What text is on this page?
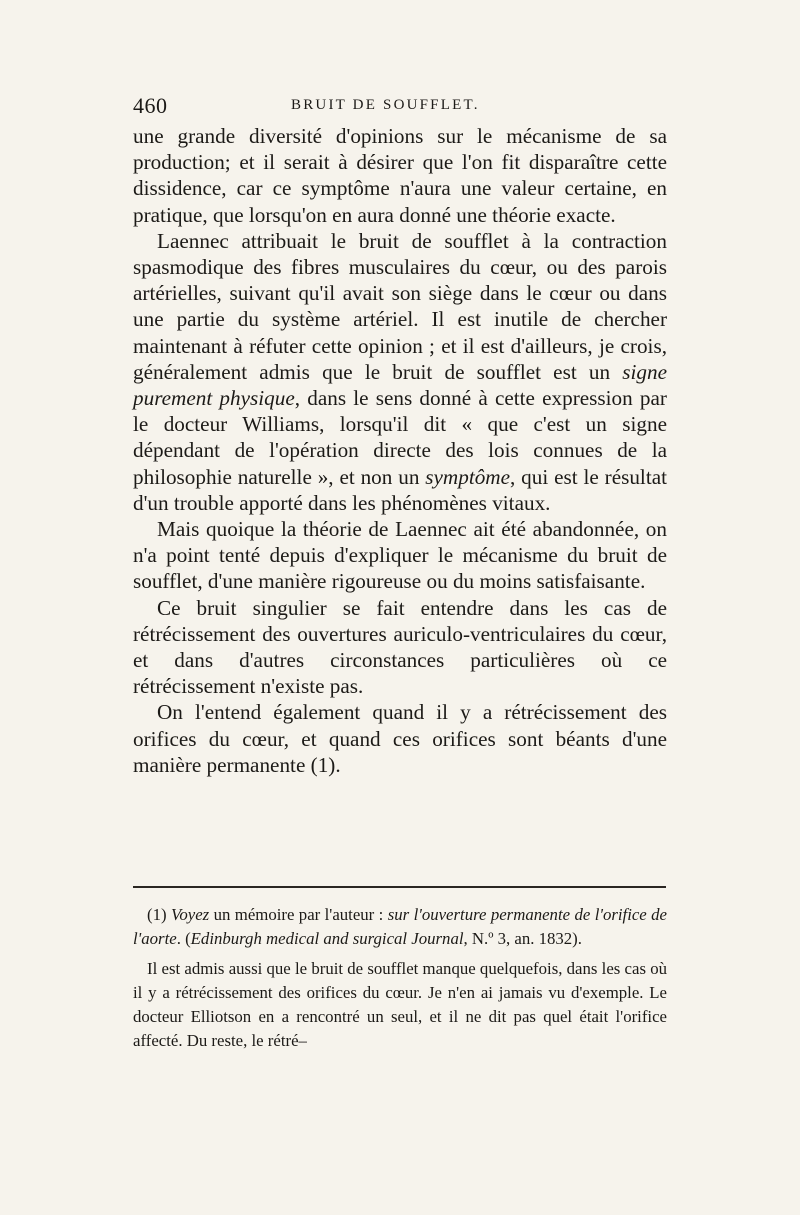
460	BRUIT DE SOUFFLET.

une grande diversité d'opinions sur le mécanisme de sa production; et il serait à désirer que l'on fit disparaître cette dissidence, car ce symptôme n'aura une valeur certaine, en pratique, que lorsqu'on en aura donné une théorie exacte.

Laennec attribuait le bruit de soufflet à la contraction spasmodique des fibres musculaires du cœur, ou des parois artérielles, suivant qu'il avait son siège dans le cœur ou dans une partie du système artériel. Il est inutile de chercher maintenant à réfuter cette opinion ; et il est d'ailleurs, je crois, généralement admis que le bruit de soufflet est un signe purement physique, dans le sens donné à cette expression par le docteur Williams, lorsqu'il dit « que c'est un signe dépendant de l'opération directe des lois connues de la philosophie naturelle », et non un symptôme, qui est le résultat d'un trouble apporté dans les phénomènes vitaux.

Mais quoique la théorie de Laennec ait été abandonnée, on n'a point tenté depuis d'expliquer le mécanisme du bruit de soufflet, d'une manière rigoureuse ou du moins satisfaisante.

Ce bruit singulier se fait entendre dans les cas de rétrécissement des ouvertures auriculo-ventriculaires du cœur, et dans d'autres circonstances particulières où ce rétrécissement n'existe pas.

On l'entend également quand il y a rétrécissement des orifices du cœur, et quand ces orifices sont béants d'une manière permanente (1).

(1) Voyez un mémoire par l'auteur : sur l'ouverture permanente de l'orifice de l'aorte. (Edinburgh medical and surgical Journal, N.º 3, an. 1832).

Il est admis aussi que le bruit de soufflet manque quelquefois, dans les cas où il y a rétrécissement des orifices du cœur. Je n'en ai jamais vu d'exemple. Le docteur Elliotson en a rencontré un seul, et il ne dit pas quel était l'orifice affecté. Du reste, le rétré–
